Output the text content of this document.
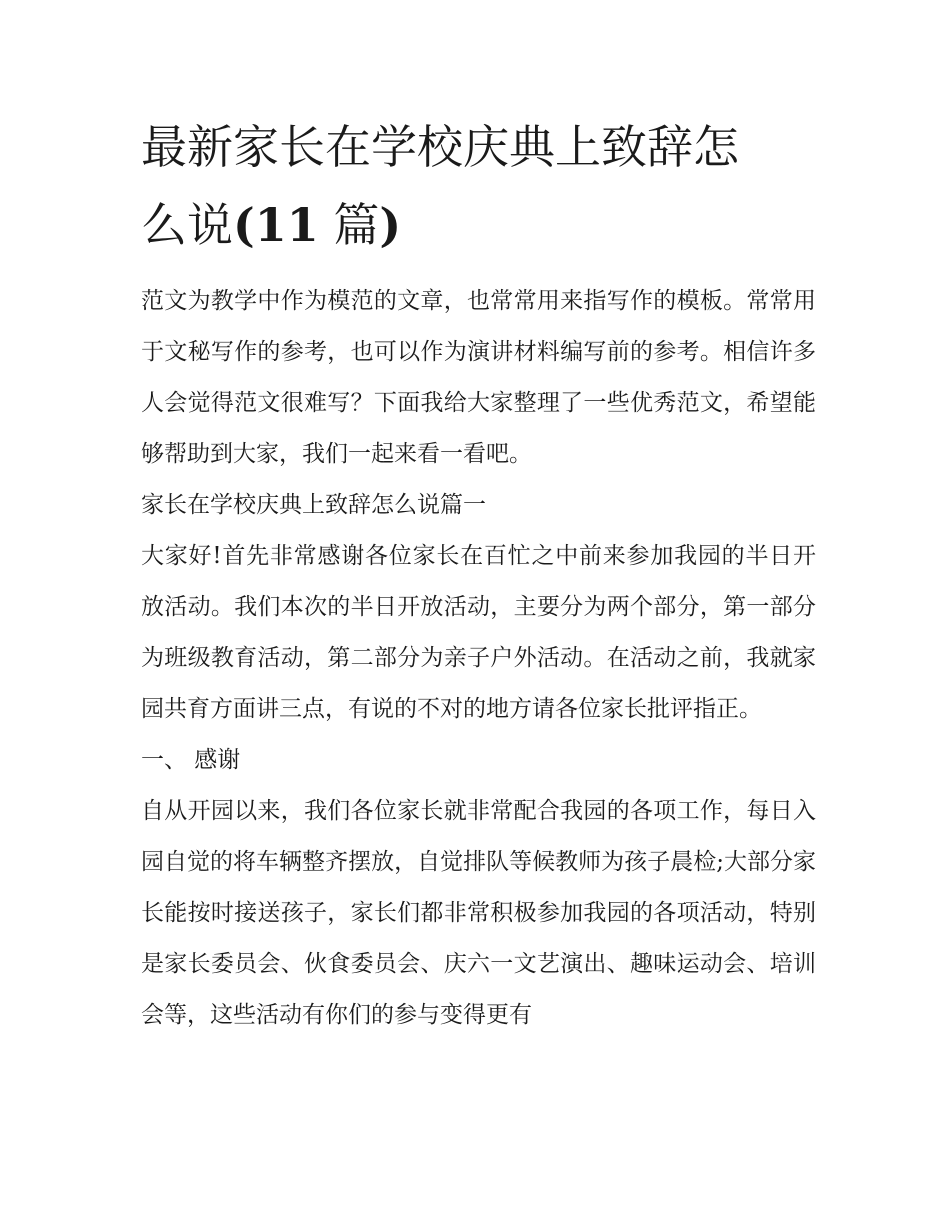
最新家长在学校庆典上致辞怎
么说(11 篇)

范文为教学中作为模范的文章，也常常用来指写作的模板。常常用于文秘写作的参考，也可以作为演讲材料编写前的参考。相信许多人会觉得范文很难写？下面我给大家整理了一些优秀范文，希望能够帮助到大家，我们一起来看一看吧。

家长在学校庆典上致辞怎么说篇一

大家好!首先非常感谢各位家长在百忙之中前来参加我园的半日开放活动。我们本次的半日开放活动，主要分为两个部分，第一部分为班级教育活动，第二部分为亲子户外活动。在活动之前，我就家园共育方面讲三点，有说的不对的地方请各位家长批评指正。

一、 感谢

自从开园以来，我们各位家长就非常配合我园的各项工作，每日入园自觉的将车辆整齐摆放，自觉排队等候教师为孩子晨检;大部分家长能按时接送孩子，家长们都非常积极参加我园的各项活动，特别是家长委员会、伙食委员会、庆六一文艺演出、趣味运动会、培训会等，这些活动有你们的参与变得更有
